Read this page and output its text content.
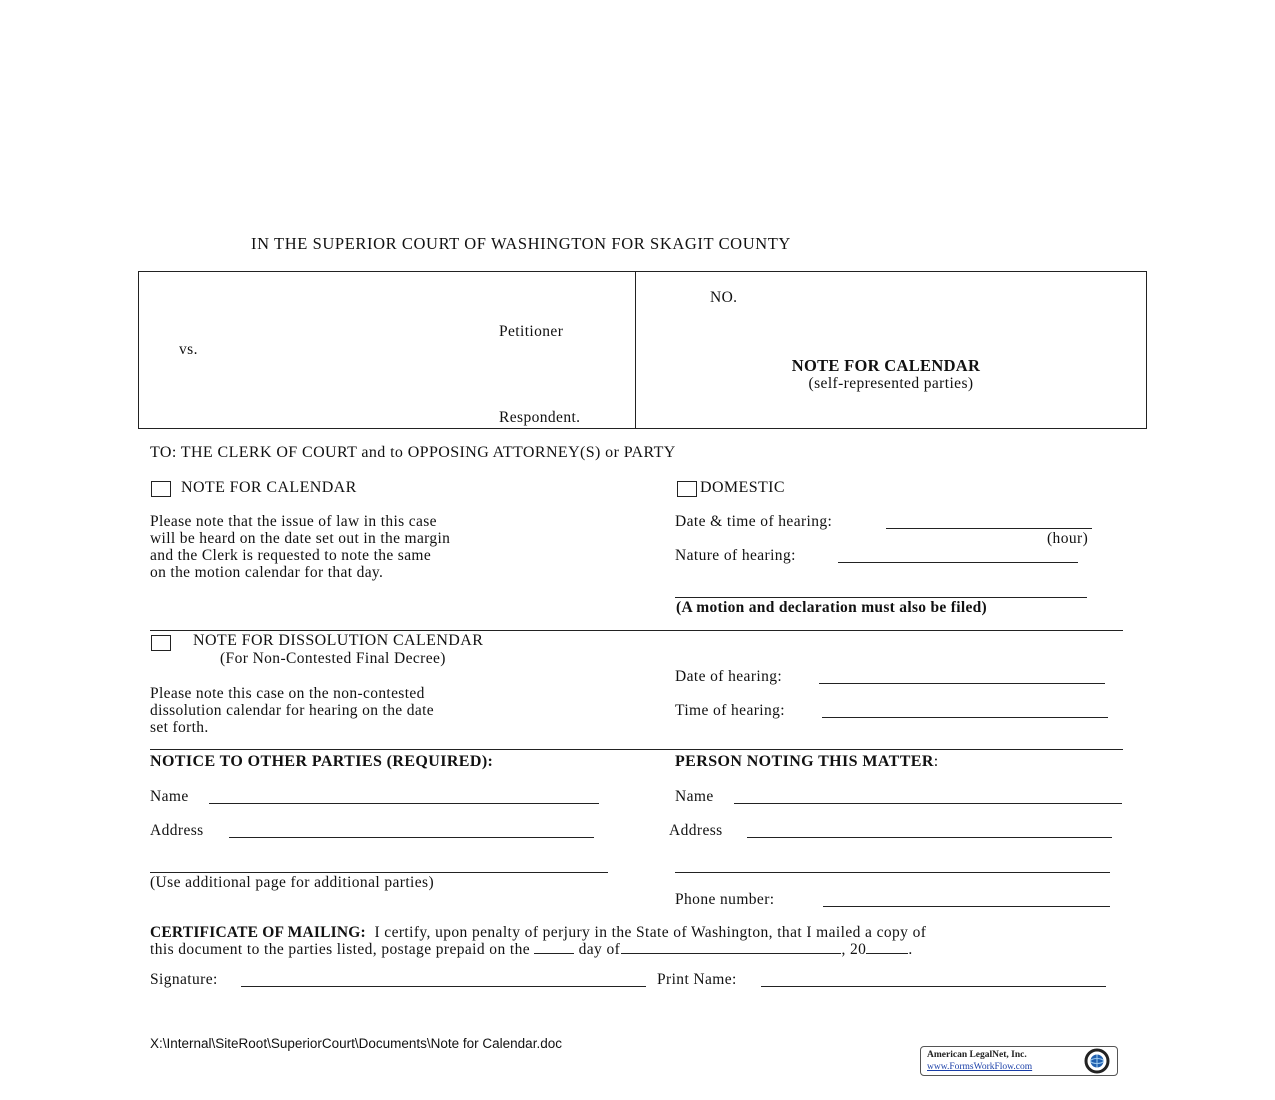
IN THE SUPERIOR COURT OF WASHINGTON FOR SKAGIT COUNTY
Petitioner
vs.
Respondent.
NO.
NOTE FOR CALENDAR
(self-represented parties)
TO: THE CLERK OF COURT and to OPPOSING ATTORNEY(S) or PARTY
NOTE FOR CALENDAR
Please note that the issue of law in this case
will be heard on the date set out in the margin
and the Clerk is requested to note the same
on the motion calendar for that day.
DOMESTIC
Date & time of hearing:
(hour)
Nature of hearing:
(A motion and declaration must also be filed)
NOTE FOR DISSOLUTION CALENDAR
(For Non-Contested Final Decree)
Please note this case on the non-contested
dissolution calendar for hearing on the date
set forth.
Date of hearing:
Time of hearing:
NOTICE TO OTHER PARTIES (REQUIRED):	PERSON NOTING THIS MATTER:
Name
Address
(Use additional page for additional parties)
Name
Address
Phone number:
CERTIFICATE OF MAILING: I certify, upon penalty of perjury in the State of Washington, that I mailed a copy of
this document to the parties listed, postage prepaid on the	day of	, 20	.
Signature:	Print Name:
X:\Internal\SiteRoot\SuperiorCourt\Documents\Note for Calendar.doc
American LegalNet, Inc.
www.FormsWorkFlow.com
